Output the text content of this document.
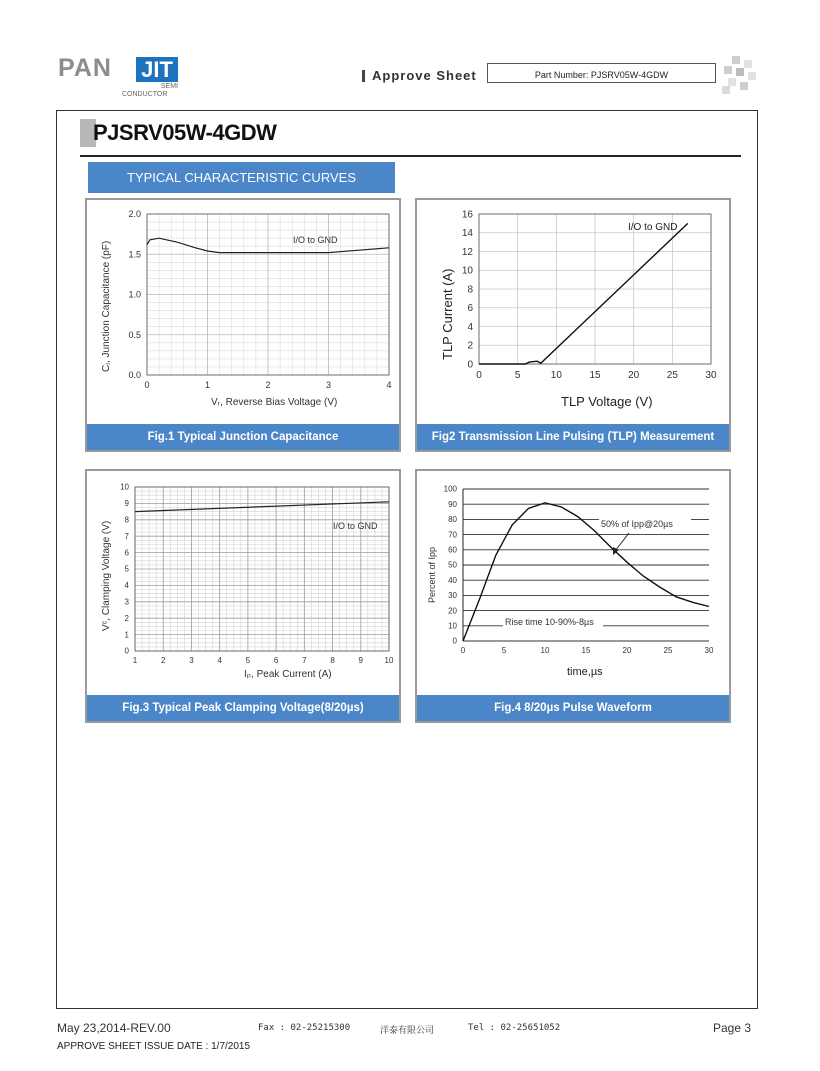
PAN JIT
SEMI
CONDUCTOR
Approve Sheet	Part Number: PJSRV05W-4GDW
PJSRV05W-4GDW
TYPICAL CHARACTERISTIC CURVES
0	1	2	3	4
0.0
0.5
1.0
1.5
2.0
Cⱼ, Junction Capacitance (pF)
Vᵣ, Reverse Bias Voltage (V)
I/O to GND
Fig.1 Typical Junction Capacitance
0	5	10	15	20	25	30
0
2
4
6
8
10
12
14
16
TLP Current (A)
TLP Voltage (V)
I/O to GND
Fig2 Transmission Line Pulsing (TLP) Measurement
1	2	3	4	5	6	7	8	9	10
0
1
2
3
4
5
6
7
8
9
10
Vᶜ, Clamping Voltage (V)
Iₚ, Peak Current (A)
I/O to GND
Fig.3 Typical Peak Clamping Voltage(8/20µs)
0	5	10	15	20	25	30
0
10
20
30
40
50
60
70
80
90
100
Percent of Ipp
time,µs
50% of Ipp@20µs
Rise time 10-90%-8µs
Fig.4 8/20µs Pulse Waveform
May 23,2014-REV.00	Fax : 02-25215300	洋泰有限公司	Tel : 02-25651052	Page 3
APPROVE SHEET ISSUE DATE : 1/7/2015
